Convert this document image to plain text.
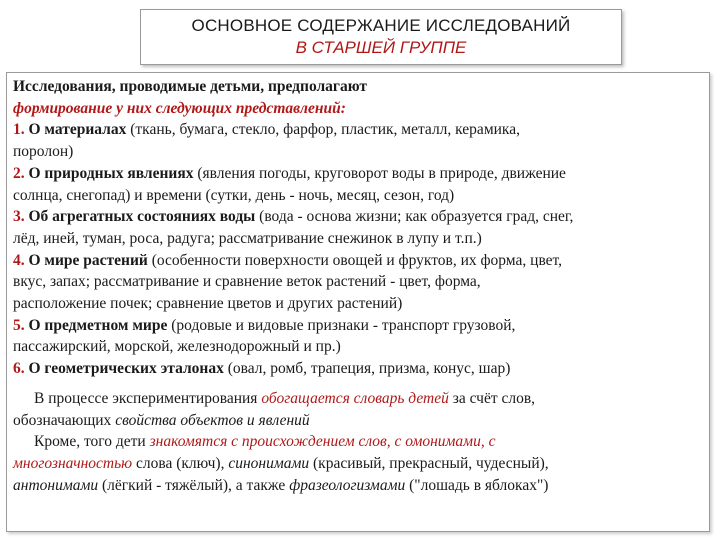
ОСНОВНОЕ СОДЕРЖАНИЕ ИССЛЕДОВАНИЙ
В СТАРШЕЙ ГРУППЕ
Исследования, проводимые детьми, предполагают
формирование у них следующих представлений:
1. О материалах (ткань, бумага, стекло, фарфор, пластик, металл, керамика,
поролон)
2. О природных явлениях (явления погоды, круговорот воды в природе, движение
солнца, снегопад) и времени (сутки, день - ночь, месяц, сезон, год)
3. Об агрегатных состояниях воды (вода - основа жизни; как образуется град, снег,
лёд, иней, туман, роса, радуга; рассматривание снежинок в лупу и т.п.)
4. О мире растений (особенности поверхности овощей и фруктов, их форма, цвет,
вкус, запах; рассматривание и сравнение веток растений - цвет, форма,
расположение почек; сравнение цветов и других растений)
5. О предметном мире (родовые и видовые признаки - транспорт грузовой,
пассажирский, морской, железнодорожный и пр.)
6. О геометрических эталонах (овал, ромб, трапеция, призма, конус, шар)
В процессе экспериментирования обогащается словарь детей за счёт слов,
обозначающих свойства объектов и явлений
Кроме, того дети знакомятся с происхождением слов, с омонимами, с
многозначностью слова (ключ), синонимами (красивый, прекрасный, чудесный),
антонимами (лёгкий - тяжёлый), а также фразеологизмами ("лошадь в яблоках")
